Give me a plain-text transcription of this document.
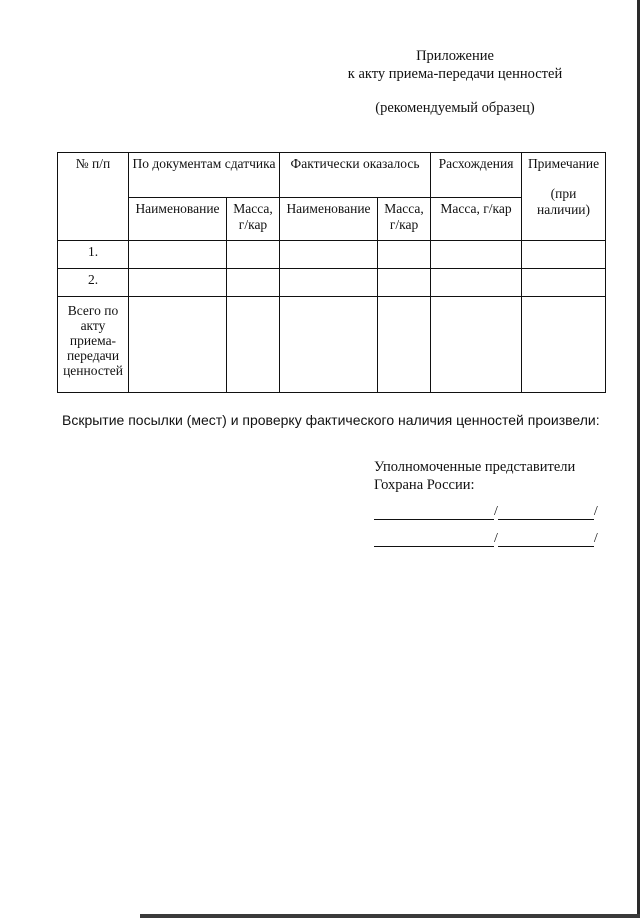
Приложение
к акту приема-передачи ценностей
(рекомендуемый образец)
№ п/п	По документам сдатчика		Фактически оказалось		Расхождения	Примечание
(при наличии)

	Наименование	Масса, г/кар	Наименование	Масса, г/кар	Масса, г/кар	
1.						
2.						
Всего по акту приема-передачи ценностей						
Вскрытие посылки (мест) и проверку фактического наличия ценностей произвели:
Уполномоченные представители
Гохрана России:
/	/
/	/
